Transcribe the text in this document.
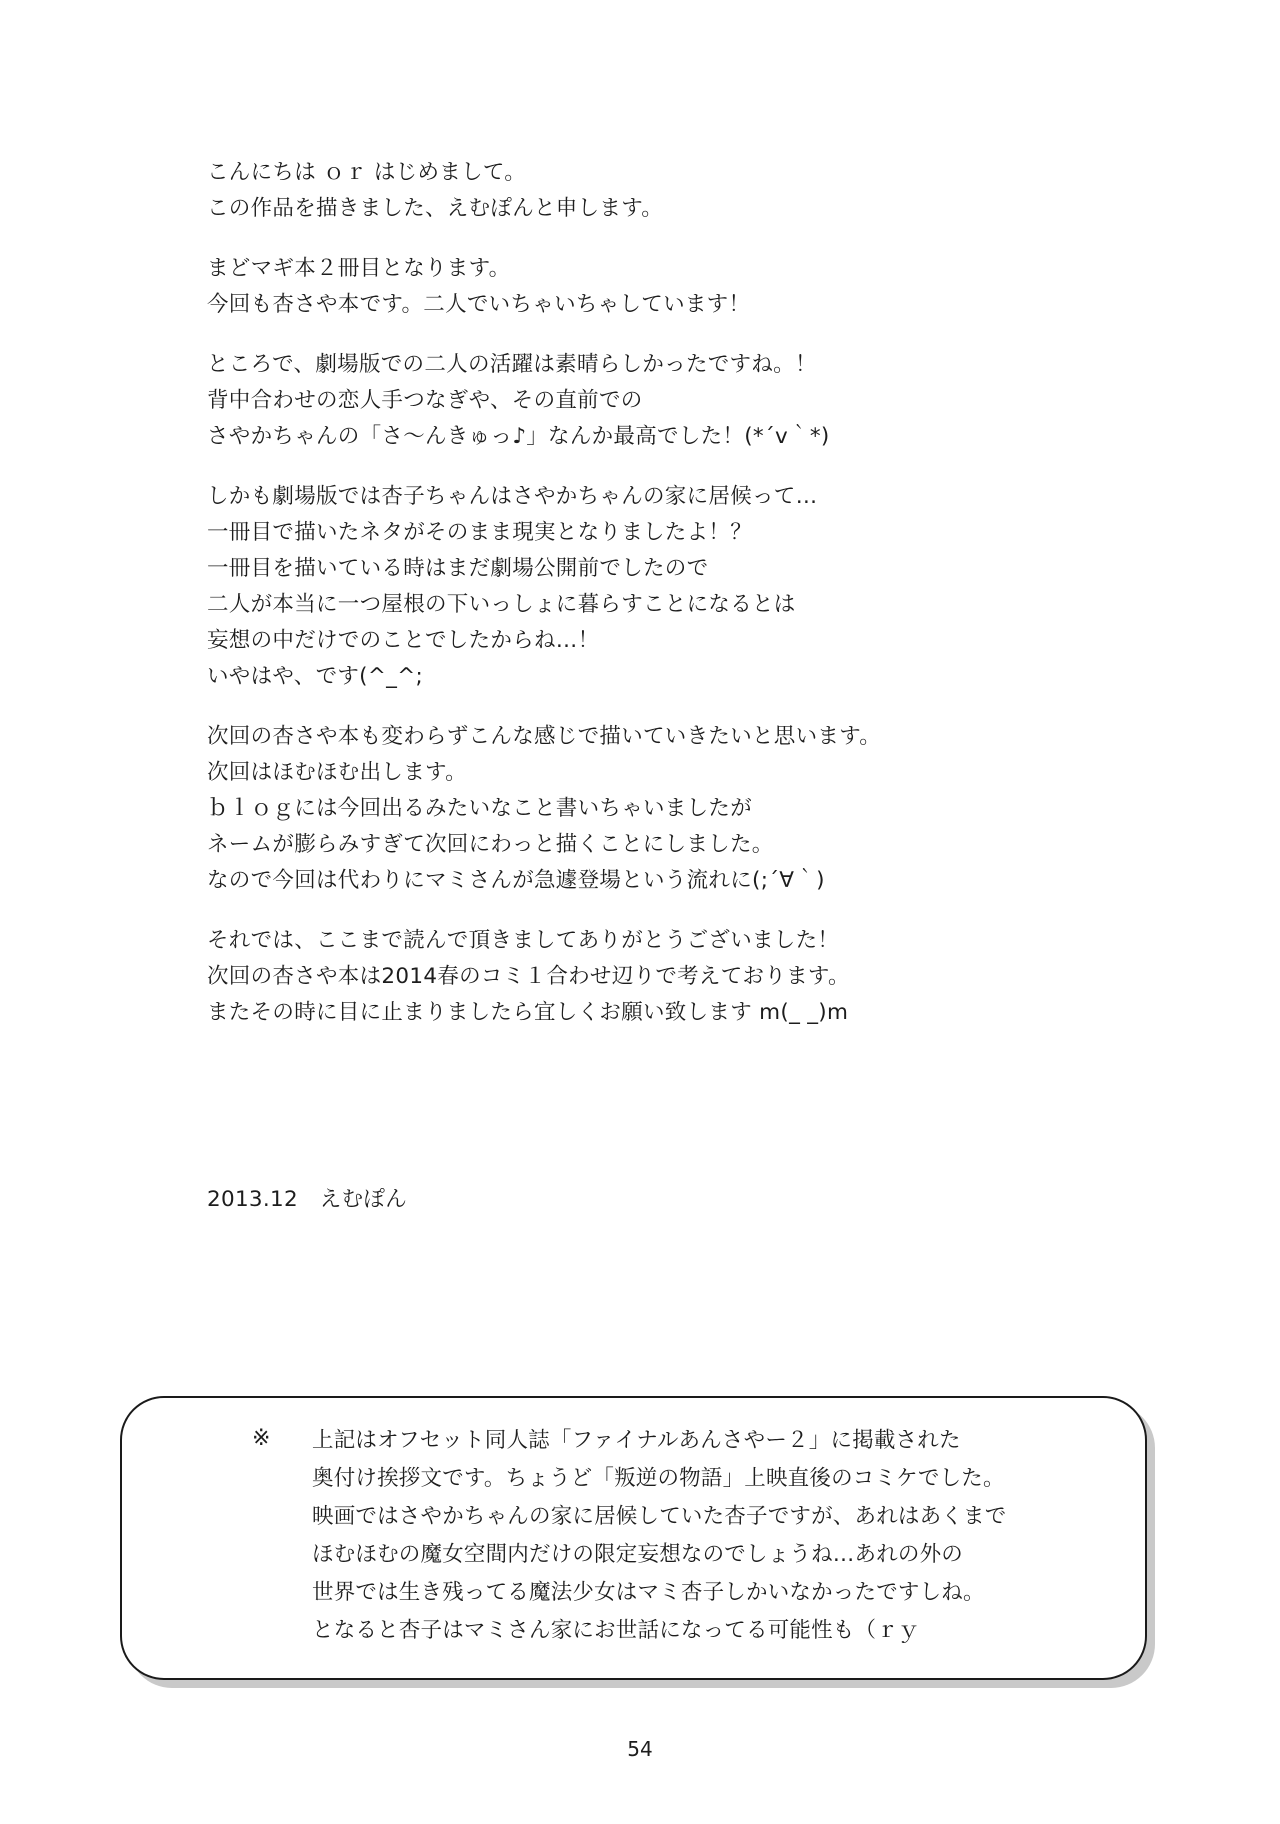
こんにちは ｏｒ はじめまして。
この作品を描きました、えむぽんと申します。
まどマギ本２冊目となります。
今回も杏さや本です。二人でいちゃいちゃしています！
ところで、劇場版での二人の活躍は素晴らしかったですね。！
背中合わせの恋人手つなぎや、その直前での
さやかちゃんの「さ〜んきゅっ♪」なんか最高でした！(*´v｀*)
しかも劇場版では杏子ちゃんはさやかちゃんの家に居候って…
一冊目で描いたネタがそのまま現実となりましたよ！？
一冊目を描いている時はまだ劇場公開前でしたので
二人が本当に一つ屋根の下いっしょに暮らすことになるとは
妄想の中だけでのことでしたからね…！
いやはや、です(^_^;
次回の杏さや本も変わらずこんな感じで描いていきたいと思います。
次回はほむほむ出します。
ｂｌｏｇには今回出るみたいなこと書いちゃいましたが
ネームが膨らみすぎて次回にわっと描くことにしました。
なので今回は代わりにマミさんが急遽登場という流れに(;´∀｀)
それでは、ここまで読んで頂きましてありがとうございました！
次回の杏さや本は2014春のコミ１合わせ辺りで考えております。
またその時に目に止まりましたら宜しくお願い致します m(_ _)m
2013.12　えむぽん
※ 上記はオフセット同人誌「ファイナルあんさやー２」に掲載された
奥付け挨拶文です。ちょうど「叛逆の物語」上映直後のコミケでした。
映画ではさやかちゃんの家に居候していた杏子ですが、あれはあくまで
ほむほむの魔女空間内だけの限定妄想なのでしょうね…あれの外の
世界では生き残ってる魔法少女はマミ杏子しかいなかったですしね。
となると杏子はマミさん家にお世話になってる可能性も（ｒｙ
54
